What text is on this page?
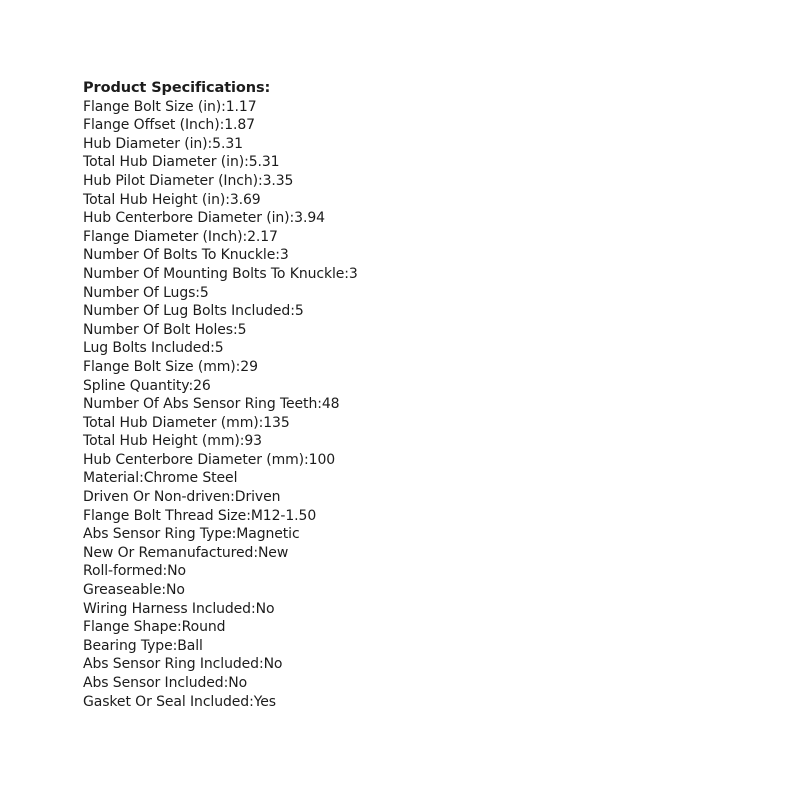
Product Specifications:
Flange Bolt Size (in):1.17
Flange Offset (Inch):1.87
Hub Diameter (in):5.31
Total Hub Diameter (in):5.31
Hub Pilot Diameter (Inch):3.35
Total Hub Height (in):3.69
Hub Centerbore Diameter (in):3.94
Flange Diameter (Inch):2.17
Number Of Bolts To Knuckle:3
Number Of Mounting Bolts To Knuckle:3
Number Of Lugs:5
Number Of Lug Bolts Included:5
Number Of Bolt Holes:5
Lug Bolts Included:5
Flange Bolt Size (mm):29
Spline Quantity:26
Number Of Abs Sensor Ring Teeth:48
Total Hub Diameter (mm):135
Total Hub Height (mm):93
Hub Centerbore Diameter (mm):100
Material:Chrome Steel
Driven Or Non-driven:Driven
Flange Bolt Thread Size:M12-1.50
Abs Sensor Ring Type:Magnetic
New Or Remanufactured:New
Roll-formed:No
Greaseable:No
Wiring Harness Included:No
Flange Shape:Round
Bearing Type:Ball
Abs Sensor Ring Included:No
Abs Sensor Included:No
Gasket Or Seal Included:Yes
